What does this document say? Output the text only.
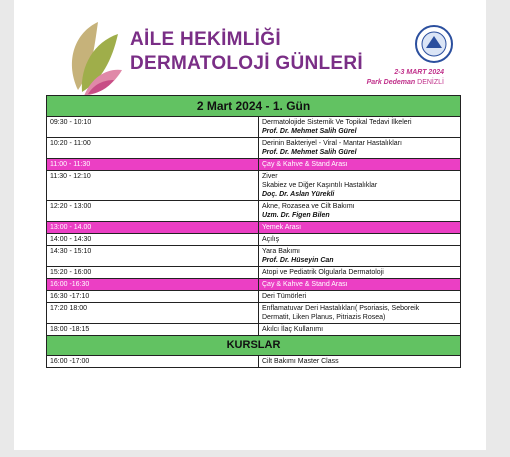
AİLE HEKİMLİĞİ
DERMATOLOJİ GÜNLERİ	2-3 MART 2024
Park Dedeman DENİZLİ
2 Mart 2024 - 1. Gün	
09:30 - 10:10	Dermatolojide Sistemik Ve Topikal Tedavi İlkeleri
Prof. Dr. Mehmet Salih Gürel

10:20 - 11:00	Derinin Bakteriyel - Viral - Mantar Hastalıkları
Prof. Dr. Mehmet Salih Gürel

11:00 - 11:30	Çay & Kahve & Stand Arası
11:30 - 12:10	Ziver
Skabiez ve Diğer Kaşıntılı Hastalıklar
Doç. Dr. Aslan Yürekli

12:20 - 13:00	Akne, Rozasea ve Cilt Bakımı
Uzm. Dr. Figen Bilen

13:00 - 14.00	Yemek Arası
14:00 - 14:30	Açılış
14:30 - 15:10	Yara Bakımı
Prof. Dr. Hüseyin Can

15:20 - 16:00	Atopi ve Pediatrik Olgularla Dermatoloji
16:00 -16:30	Çay & Kahve & Stand Arası
16:30 -17:10	Deri Tümörleri
17:20 18:00	Enflamatuvar Deri Hastalıkları( Psoriasis, Seboreik
Dermatit, Liken Planus, Pitriazis Rosea)

18:00 -18:15	Akılcı İlaç Kullanımı
KURSLAR	
16:00 -17:00	Cilt Bakımı Master Class
